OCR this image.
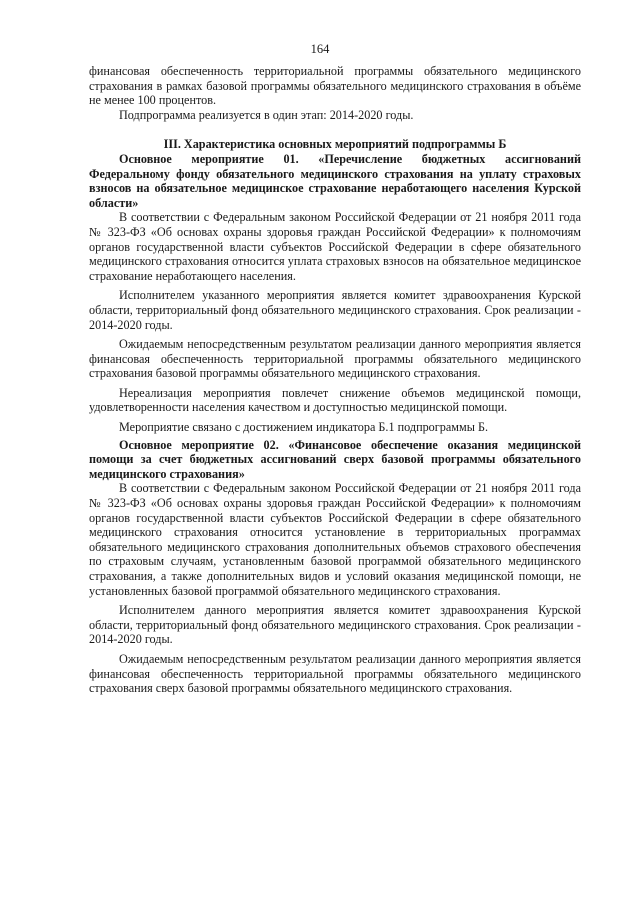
164

финансовая обеспеченность территориальной программы обязательного медицинского страхования в рамках базовой программы обязательного медицинского страхования в объёме не менее 100 процентов.

Подпрограмма реализуется в один этап: 2014-2020 годы.

III. Характеристика основных мероприятий подпрограммы Б

Основное мероприятие 01. «Перечисление бюджетных ассигнований Федеральному фонду обязательного медицинского страхования на уплату страховых взносов на обязательное медицинское страхование неработающего населения Курской области»

В соответствии с Федеральным законом Российской Федерации от 21 ноября 2011 года № 323-ФЗ «Об основах охраны здоровья граждан Российской Федерации» к полномочиям органов государственной власти субъектов Российской Федерации в сфере обязательного медицинского страхования относится уплата страховых взносов на обязательное медицинское страхование неработающего населения.

Исполнителем указанного мероприятия является комитет здравоохранения Курской области, территориальный фонд обязательного медицинского страхования. Срок реализации - 2014-2020 годы.

Ожидаемым непосредственным результатом реализации данного мероприятия является финансовая обеспеченность территориальной программы обязательного медицинского страхования базовой программы обязательного медицинского страхования.

Нереализация мероприятия повлечет снижение объемов медицинской помощи, удовлетворенности населения качеством и доступностью медицинской помощи.

Мероприятие связано с достижением индикатора Б.1 подпрограммы Б.

Основное мероприятие 02. «Финансовое обеспечение оказания медицинской помощи за счет бюджетных ассигнований сверх базовой программы обязательного медицинского страхования»

В соответствии с Федеральным законом Российской Федерации от 21 ноября 2011 года № 323-ФЗ «Об основах охраны здоровья граждан Российской Федерации» к полномочиям органов государственной власти субъектов Российской Федерации в сфере обязательного медицинского страхования относится установление в территориальных программах обязательного медицинского страхования дополнительных объемов страхового обеспечения по страховым случаям, установленным базовой программой обязательного медицинского страхования, а также дополнительных видов и условий оказания медицинской помощи, не установленных базовой программой обязательного медицинского страхования.

Исполнителем данного мероприятия является комитет здравоохранения Курской области, территориальный фонд обязательного медицинского страхования. Срок реализации - 2014-2020 годы.

Ожидаемым непосредственным результатом реализации данного мероприятия является финансовая обеспеченность территориальной программы обязательного медицинского страхования сверх базовой программы обязательного медицинского страхования.
